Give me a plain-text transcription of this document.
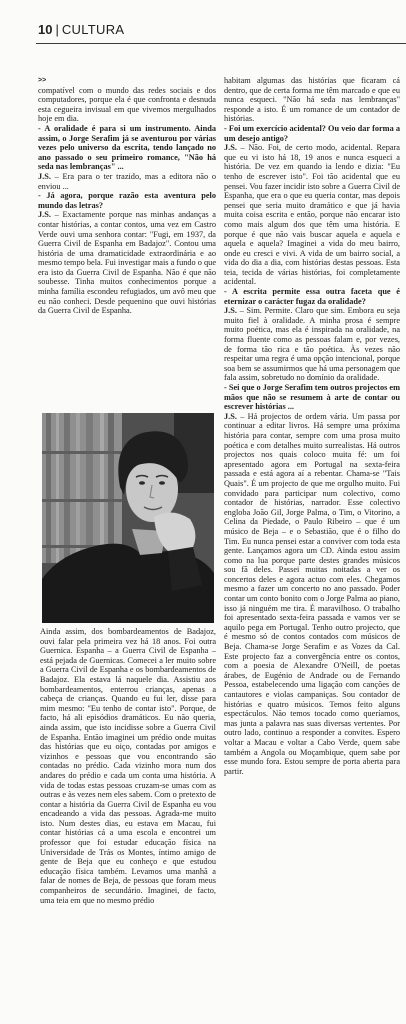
10 | CULTURA
>>

compatível com o mundo das redes sociais e dos computadores, porque ela é que confronta e desnuda esta cegueira invisual em que vivemos mergulhados hoje em dia.

- A oralidade é para si um instrumento. Ainda assim, o Jorge Serafim já se aventurou por várias vezes pelo universo da escrita, tendo lançado no ano passado o seu primeiro romance, "Não há seda nas lembranças" ...

J.S. – Era para o ter trazido, mas a editora não o enviou ...

- Já agora, porque razão esta aventura pelo mundo das letras?

J.S. – Exactamente porque nas minhas andanças a contar histórias, a contar contos, uma vez em Castro Verde ouvi uma senhora contar: "Fugi, em 1937, da Guerra Civil de Espanha em Badajoz". Contou uma história de uma dramaticidade extraordinária e ao mesmo tempo bela. Fui investigar mais a fundo o que era isto da Guerra Civil de Espanha. Não é que não soubesse. Tinha muitos conhecimentos porque a minha família escondeu refugiados, um avô meu que eu não conheci. Desde pequenino que ouvi histórias da Guerra Civil de Espanha.

Ainda assim, dos bombardeamentos de Badajoz, ouvi falar pela primeira vez há 18 anos. Foi outra Guernica. Espanha – a Guerra Civil de Espanha – está pejada de Guernicas. Comecei a ler muito sobre a Guerra Civil de Espanha e os bombardeamentos de Badajoz. Ela estava lá naquele dia. Assistiu aos bombardeamentos, enterrou crianças, apenas a cabeça de crianças. Quando eu fui ler, disse para mim mesmo: "Eu tenho de contar isto". Porque, de facto, há ali episódios dramáticos. Eu não queria, ainda assim, que isto incidisse sobre a Guerra Civil de Espanha. Então imaginei um prédio onde muitas das histórias que eu oiço, contadas por amigos e vizinhos e pessoas que vou encontrando são contadas no prédio. Cada vizinho mora num dos andares do prédio e cada um conta uma história. A vida de todas estas pessoas cruzam-se umas com as outras e às vezes nem eles sabem. Com o pretexto de contar a história da Guerra Civil de Espanha eu vou encadeando a vida das pessoas. Agrada-me muito isto. Num destes dias, eu estava em Macau, fui contar histórias cá a uma escola e encontrei um professor que foi estudar educação física na Universidade de Trás os Montes, íntimo amigo de gente de Beja que eu conheço e que estudou educação física também. Levamos uma manhã a falar de nomes de Beja, de pessoas que foram meus companheiros de secundário. Imaginei, de facto, uma teia em que no mesmo prédio

habitam algumas das histórias que ficaram cá dentro, que de certa forma me têm marcado e que eu nunca esqueci. "Não há seda nas lembranças" responde a isto. É um romance de um contador de histórias.

- Foi um exercício acidental? Ou veio dar forma a um desejo antigo?

J.S. – Não. Foi, de certo modo, acidental. Repara que eu vi isto há 18, 19 anos e nunca esqueci a história. De vez em quando ia lendo e dizia: "Eu tenho de escrever isto". Foi tão acidental que eu pensei. Vou fazer incidir isto sobre a Guerra Civil de Espanha, que era o que eu queria contar, mas depois pensei que seria muito dramático e que já havia muita coisa escrita e então, porque não encarar isto como mais algum dos que têm uma história. E porque é que não vais buscar aquela e aquela e aquela e aquela? Imaginei a vida do meu bairro, onde eu cresci e vivi. A vida de um bairro social, a vida do dia a dia, com histórias destas pessoas. Esta teia, tecida de várias histórias, foi completamente acidental.

- A escrita permite essa outra faceta que é eternizar o carácter fugaz da oralidade?

J.S. – Sim. Permite. Claro que sim. Embora eu seja muito fiel à oralidade. A minha prosa é sempre muito poética, mas ela é inspirada na oralidade, na forma fluente como as pessoas falam e, por vezes, de forma tão rica e tão poética. Às vezes não respeitar uma regra é uma opção intencional, porque soa bem se assumirmos que há uma personagem que fala assim, sobretudo no domínio da oralidade.

- Sei que o Jorge Serafim tem outros projectos em mãos que não se resumem à arte de contar ou escrever histórias ...

J.S. – Há projectos de ordem vária. Um passa por continuar a editar livros. Há sempre uma próxima história para contar, sempre com uma prosa muito poética e com detalhes muito surrealistas. Há outros projectos nos quais coloco muita fé: um foi apresentado agora em Portugal na sexta-feira passada e está agora aí a rebentar. Chama-se "Tais Quais". É um projecto de que me orgulho muito. Fui convidado para participar num colectivo, como contador de histórias, narrador. Esse colectivo engloba João Gil, Jorge Palma, o Tim, o Vitorino, a Celina da Piedade, o Paulo Ribeiro – que é um músico de Beja – e o Sebastião, que é o filho do Tim. Eu nunca pensei estar a conviver com toda esta gente. Lançamos agora um CD. Ainda estou assim como na lua porque parte destes grandes músicos sou fã deles. Passei muitas noitadas a ver os concertos deles e agora actuo com eles. Chegamos mesmo a fazer um concerto no ano passado. Poder contar um conto bonito com o Jorge Palma ao piano, isso já ninguém me tira. É maravilhoso. O trabalho foi apresentado sexta-feira passada e vamos ver se aquilo pega em Portugal. Tenho outro projecto, que é mesmo só de contos contados com músicos de Beja. Chama-se Jorge Serafim e as Vozes da Cal. Este projecto faz a convergência entre os contos, com a poesia de Alexandre O'Neill, de poetas árabes, de Eugénio de Andrade ou de Fernando Pessoa, estabelecendo uma ligação com canções de cantautores e violas campaniças. Sou contador de histórias e quatro músicos. Temos feito alguns espectáculos. Não temos tocado como queríamos, mas junta a palavra nas suas diversas vertentes. Por outro lado, continuo a responder a convites. Espero voltar a Macau e voltar a Cabo Verde, quem sabe também a Angola ou Moçambique, quem sabe por esse mundo fora. Estou sempre de porta aberta para partir.
